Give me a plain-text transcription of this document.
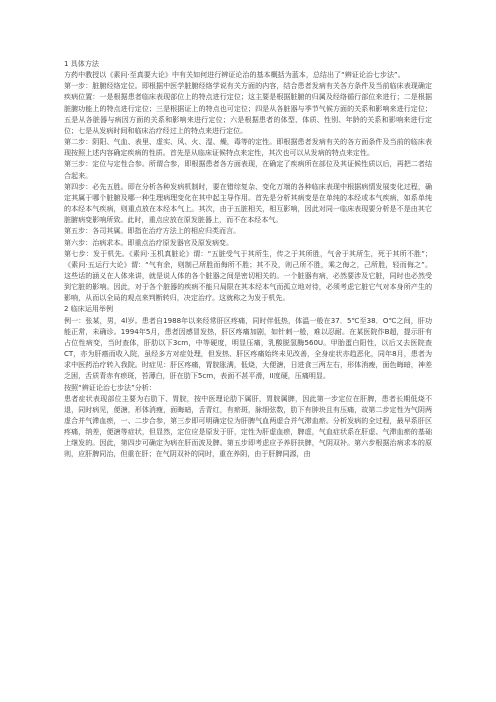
1 具体方法

方药中教授以《素问·至真要大论》中有关如何进行辨证论治的基本概括为蓝本，总结出了“辨证论治七步法”。

第一步：脏腑经络定位。即根据中医学脏腑经络学说有关方面的内容，结合患者发病有关各方条件及当前临床表现确定疾病位置：一是根据患者临床表现部位上的特点进行定位；这主要是根据脏腑的归属及经络循行部位来进行；二是根据脏腑功能上的特点进行定位；三是根据证上的特点也可定位；四是从各脏器与季节气候方面的关系和影响来进行定位；五是从各脏器与病因方面的关系和影响来进行定位；六是根据患者的体型、体质、性别、年龄的关系和影响来进行定位；七是从发病时间和临床治疗经过上的特点来进行定位。

第二步：阴阳、气血、表里、虚实、风、火、湿、燥，毒等的定性。即根据患者发病有关的各方面条件及当前的临床表现按照上述内容确定疾病的性质。首先是从临床证候特点来定性，其次也可以从发病的特点来定性。

第三步：定位与定性合参。所谓合参，即根据患者各方面表现，在确定了疾病所在部位及其证候性质以后，再把二者结合起来。

第四步：必先五胜。即在分析各种发病机制时，要在错综复杂、变化万端的各种临床表现中根据病情发展变化过程，确定其属于哪个脏腑及哪一种生理病理变化在其中起主导作用。首先是分析其病变是在单纯的本经或本气疾病，如系单纯的本经本气疾病，则重点放在本经本气上。其次，由于五脏相关，相互影响，因此对同一临床表现要分析是不是由其它脏腑病变影响所致。此时，重点应放在原发脏器上，而不在本经本气。

第五步：各司其属。即指在治疗方法上的相应归类而言。

第六步：治病求本。即重点治疗原发器官及原发病变。

第七步：发于机先。《素问·玉机真脏论》谓：“五脏受气于其所生，传之于其所胜，气舍于其所生，死于其所不胜”；《素问·五运行大论》谓：“气有余，则制己所胜而侮所不胜；其不及，则己所不胜，乘之侮之，己所胜，轻而侮之”。这些话的涵义在人体来讲，就是说人体的各个脏器之间是密切相关的。一个脏器有病，必然要涉及它脏，同时也必然受到它脏的影响。因此，对于各个脏器的疾病不能只局限在其本经本气而孤立地对待，必须考虑它脏它气对本身所产生的影响，从而以全局的观点来判断转归，决定治疗。这就称之为发于机先。

2 临床运用举例

例一：张某，男，4l岁。患者自1988年以来经常肝区疼痛，同时伴低热，体温一般在37．5℃至38．O℃之间，肝功能正常，未确诊。1994年5月，患者因感冒发热，肝区疼痛加剧，如针刺一般，难以忍耐。在某医院作B超，提示肝有占位性病变，当时查体，肝肋以下3cm，中等硬度，明显压痛，乳酸脱氢酶560U。甲胎蛋白阳性，以后又去医院查CT，亦为肝癌而收入院，虽经多方对症处理，但发热、肝区疼痛始终未见改善，全身症状亦趋恶化，同年8月，患者为求中医药治疗转入我院。时症见：肝区疼痛，胃脘胀满，低烧，大便溏，日进食三两左右，形体消瘦，面色晦暗，神差乏困，舌质青赤有瘀斑，苔薄白，肝在肋下5cm，表面不甚平滑，II度硬，压痛明显。

按照“辨证论治七步法”分析：

患者症状表现部位主要为右肋下、胃脘，按中医理论肋下属肝，胃脘属脾，因此第一步定位在肝脾，患者长期低烧不退，同时病见，便溏，形体消瘦，面晦暗，舌青红，有瘀斑，脉细弦数，肋下有肿块且有压痛，故第二步定性为气阴两虚合并气滞血瘀，一、二步合参，第三步即可明确定位为肝脾气血两虚合并气滞血瘀。分析发病的全过程，最早系肝区疼痛，纳差，便溏等症状，但显然，定位应是原发于肝，定性为肝虚血瘀，脾虚，气血症状系在肝虚、气滞血瘀的基础上继发的。因此，第四步可确定为病在肝而波及脾。第五步即考虑应予养肝扶脾，气阴双补。第六步根据治病求本的原则，应肝脾同治，但重在肝；在气阴双补的同时，重在养阴，由于肝脾同源，由
